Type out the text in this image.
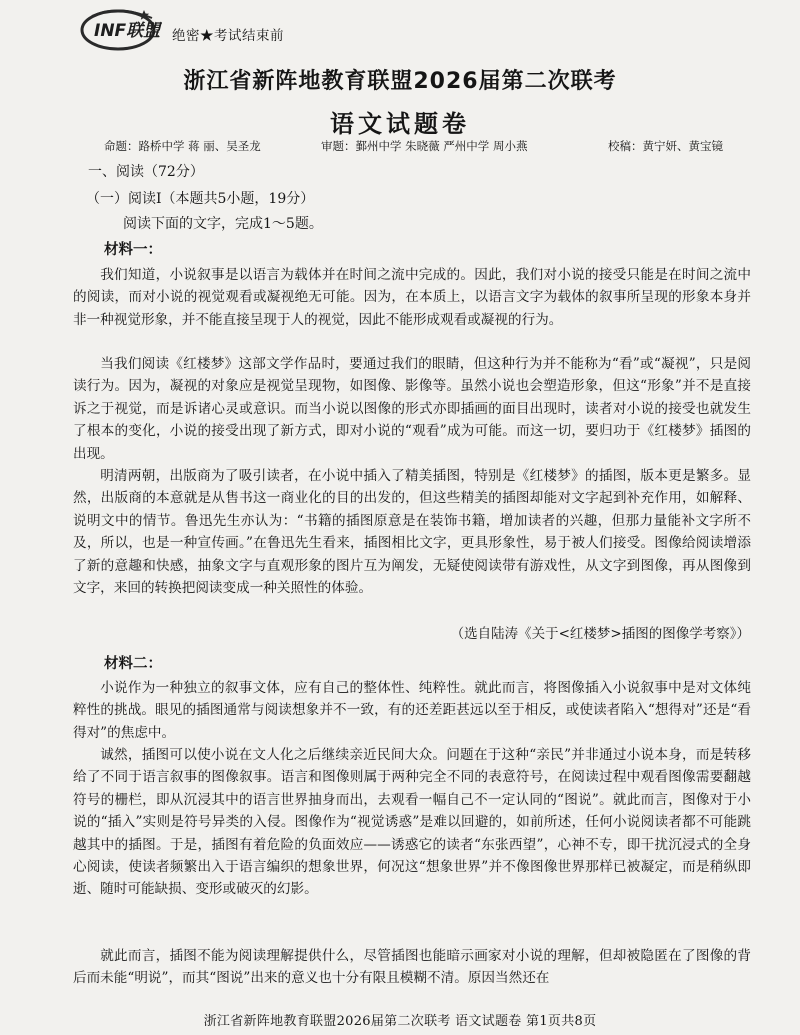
INF联盟 绝密★考试结束前
浙江省新阵地教育联盟2026届第二次联考
语文试题卷
命题：路桥中学 蒋 丽、吴圣龙	审题：鄞州中学 朱晓薇 严州中学 周小燕	校稿：黄宁妍、黄宝镜
一、阅读（72分）
（一）阅读Ⅰ（本题共5小题，19分）
阅读下面的文字，完成1～5题。
材料一：

我们知道，小说叙事是以语言为载体并在时间之流中完成的。因此，我们对小说的接受只能是在时间之流中的阅读，而对小说的视觉观看或凝视绝无可能。因为，在本质上，以语言文字为载体的叙事所呈现的形象本身并非一种视觉形象，并不能直接呈现于人的视觉，因此不能形成观看或凝视的行为。

当我们阅读《红楼梦》这部文学作品时，要通过我们的眼睛，但这种行为并不能称为“看”或“凝视”，只是阅读行为。因为，凝视的对象应是视觉呈现物，如图像、影像等。虽然小说也会塑造形象，但这“形象”并不是直接诉之于视觉，而是诉诸心灵或意识。而当小说以图像的形式亦即插画的面目出现时，读者对小说的接受也就发生了根本的变化，小说的接受出现了新方式，即对小说的“观看”成为可能。而这一切，要归功于《红楼梦》插图的出现。

明清两朝，出版商为了吸引读者，在小说中插入了精美插图，特别是《红楼梦》的插图，版本更是繁多。显然，出版商的本意就是从售书这一商业化的目的出发的，但这些精美的插图却能对文字起到补充作用，如解释、说明文中的情节。鲁迅先生亦认为：“书籍的插图原意是在装饰书籍，增加读者的兴趣，但那力量能补文字所不及，所以，也是一种宣传画。”在鲁迅先生看来，插图相比文字，更具形象性，易于被人们接受。图像给阅读增添了新的意趣和快感，抽象文字与直观形象的图片互为阐发，无疑使阅读带有游戏性，从文字到图像，再从图像到文字，来回的转换把阅读变成一种关照性的体验。

（选自陆涛《关于<红楼梦>插图的图像学考察》）
材料二：

小说作为一种独立的叙事文体，应有自己的整体性、纯粹性。就此而言，将图像插入小说叙事中是对文体纯粹性的挑战。眼见的插图通常与阅读想象并不一致，有的还差距甚远以至于相反，或使读者陷入“想得对”还是“看得对”的焦虑中。

诚然，插图可以使小说在文人化之后继续亲近民间大众。问题在于这种“亲民”并非通过小说本身，而是转移给了不同于语言叙事的图像叙事。语言和图像则属于两种完全不同的表意符号，在阅读过程中观看图像需要翻越符号的栅栏，即从沉浸其中的语言世界抽身而出，去观看一幅自己不一定认同的“图说”。就此而言，图像对于小说的“插入”实则是符号异类的入侵。图像作为“视觉诱惑”是难以回避的，如前所述，任何小说阅读者都不可能跳越其中的插图。于是，插图有着危险的负面效应——诱惑它的读者“东张西望”，心神不专，即干扰沉浸式的全身心阅读，使读者频繁出入于语言编织的想象世界，何况这“想象世界”并不像图像世界那样已被凝定，而是稍纵即逝、随时可能缺损、变形或破灭的幻影。

就此而言，插图不能为阅读理解提供什么，尽管插图也能暗示画家对小说的理解，但却被隐匿在了图像的背后而未能“明说”，而其“图说”出来的意义也十分有限且模糊不清。原因当然还在

浙江省新阵地教育联盟2026届第二次联考 语文试题卷 第1页共8页
